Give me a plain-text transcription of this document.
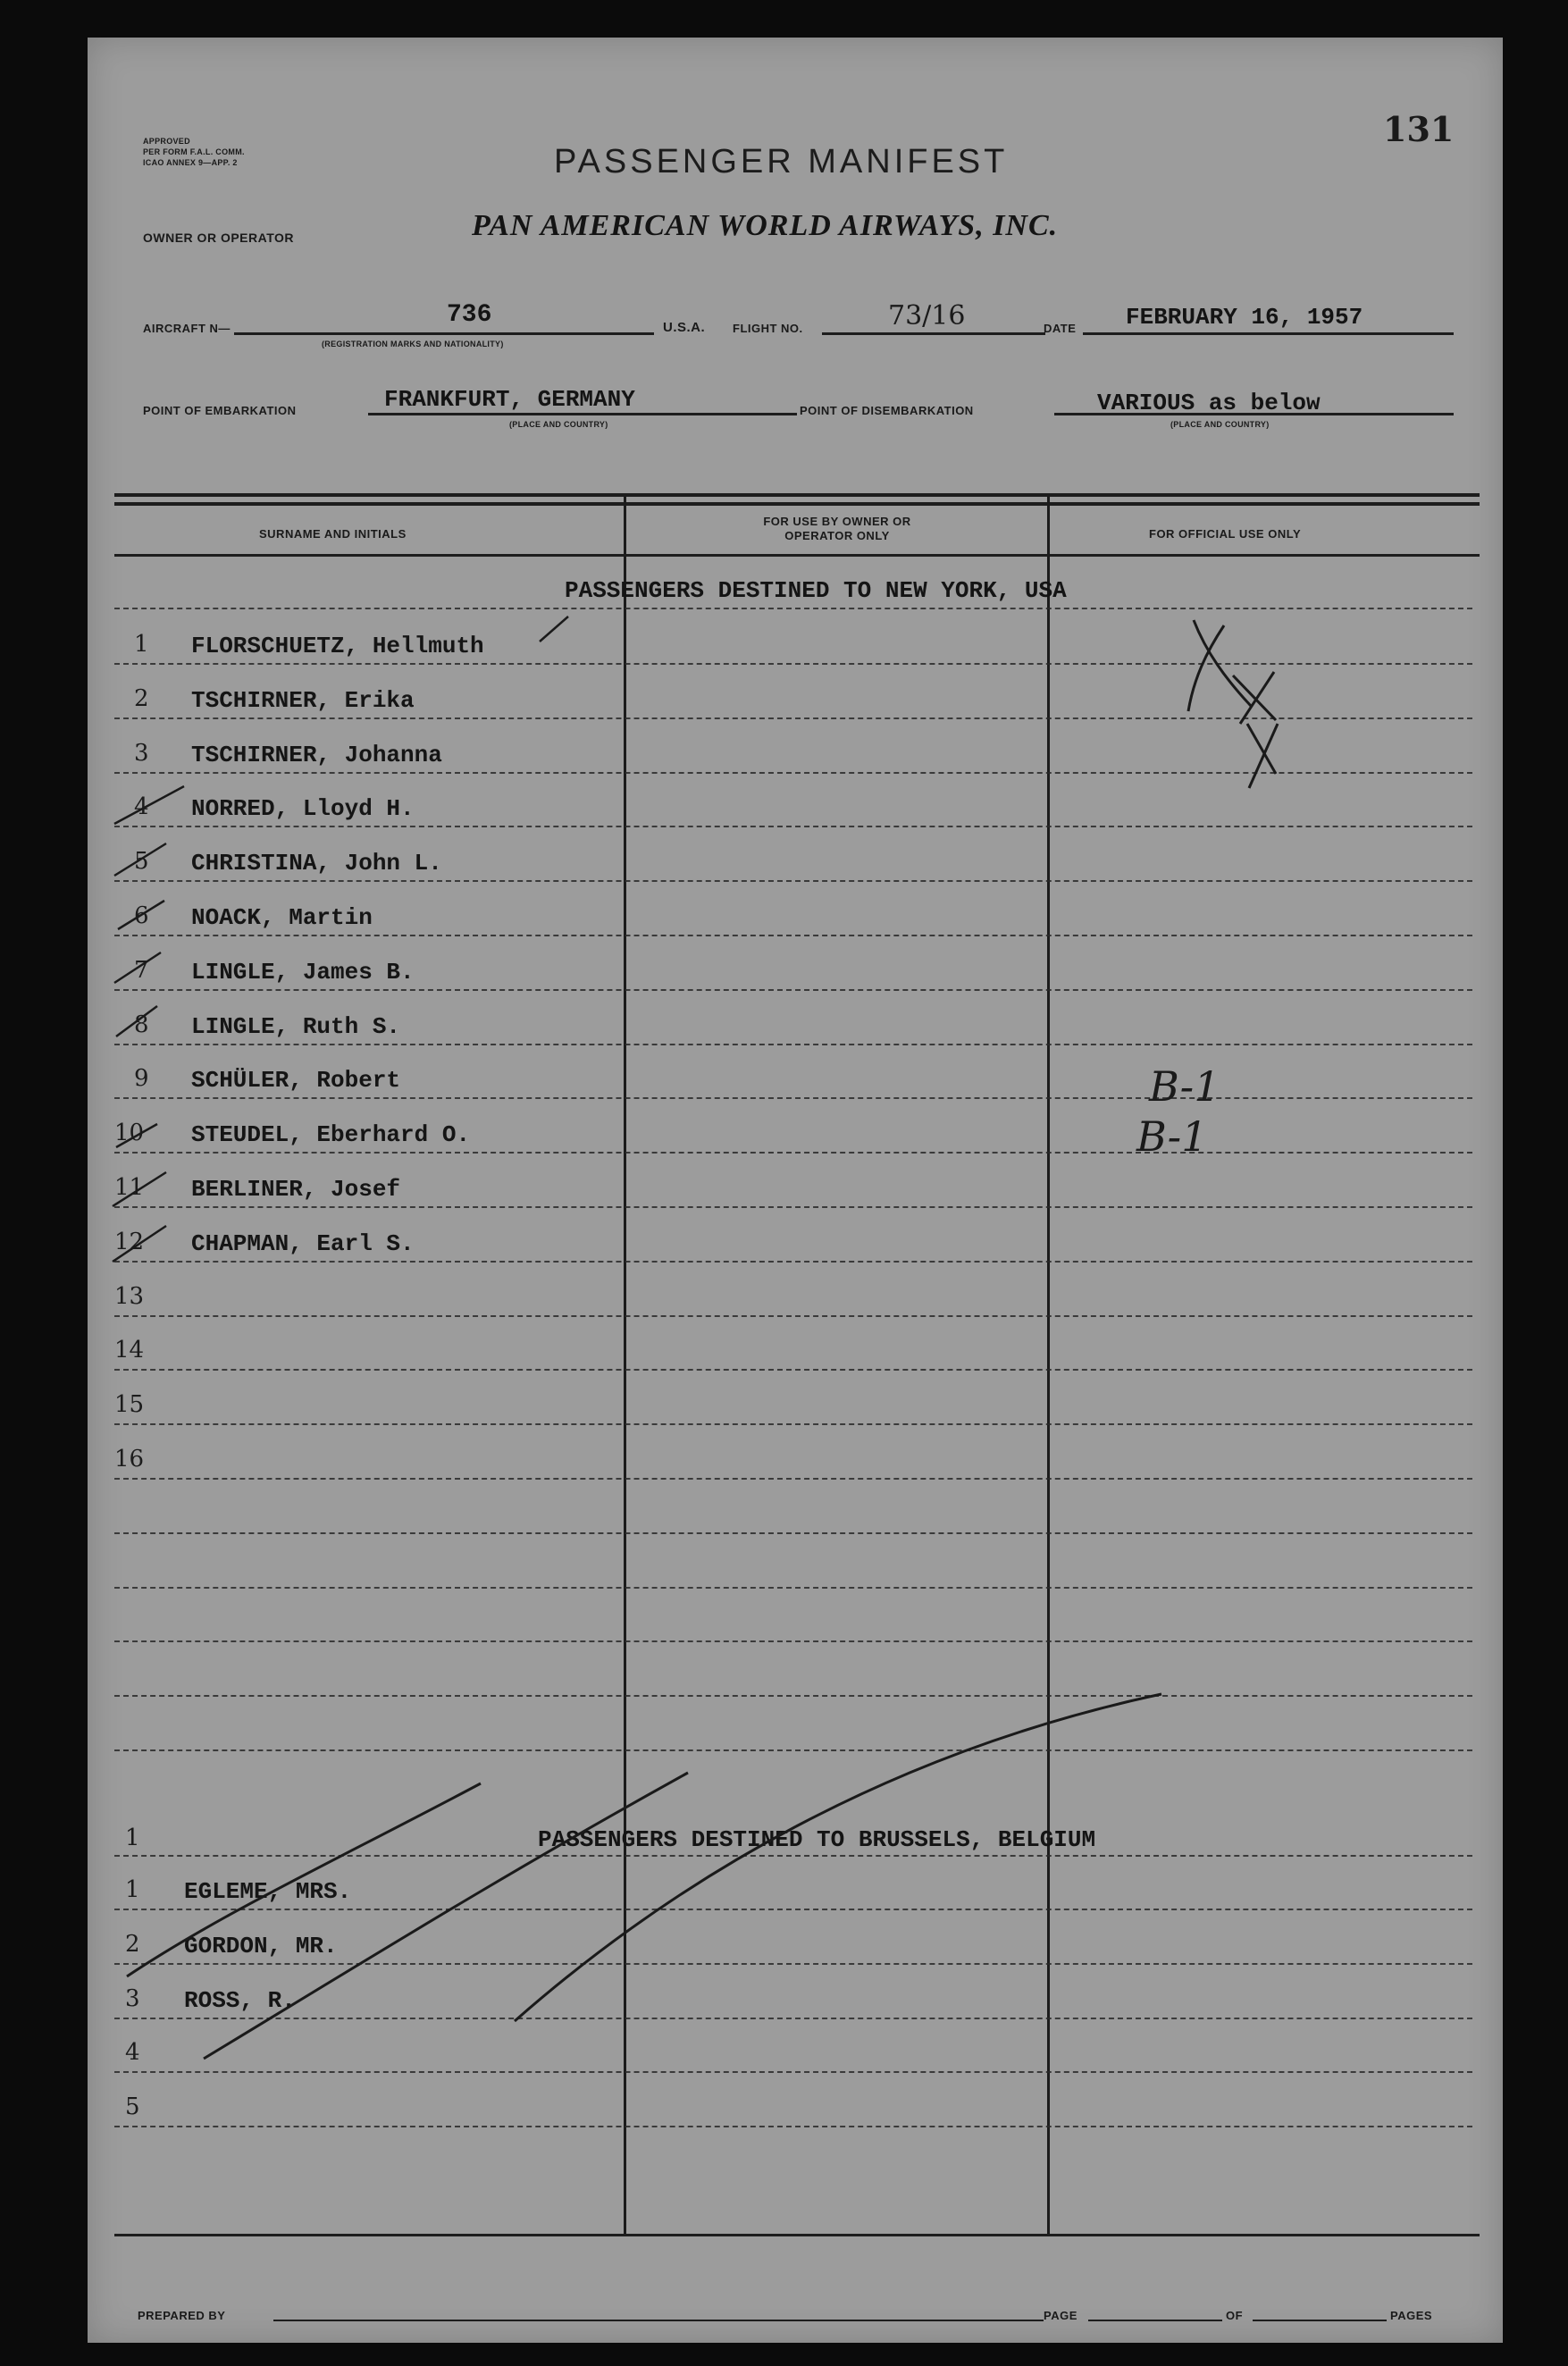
131
APPROVED
PER FORM F.A.L. COMM.
ICAO ANNEX 9—APP. 2	PASSENGER MANIFEST
OWNER OR OPERATOR	PAN AMERICAN WORLD AIRWAYS, INC.
AIRCRAFT N—	736
(REGISTRATION MARKS AND NATIONALITY)
U.S.A. FLIGHT NO.	73/16	DATE FEBRUARY 16, 1957
POINT OF EMBARKATION	FRANKFURT, GERMANY
(PLACE AND COUNTRY)
POINT OF DISEMBARKATION	VARIOUS as below
(PLACE AND COUNTRY)
SURNAME AND INITIALS
FOR USE BY OWNER OR OPERATOR ONLY	FOR OFFICIAL USE ONLY
PASSENGERS DESTINED TO NEW YORK, USA
1 FLORSCHUETZ, Hellmuth
2 TSCHIRNER, Erika
3 TSCHIRNER, Johanna
4 NORRED, Lloyd H.
5 CHRISTINA, John L.
6 NOACK, Martin
7 LINGLE, James B.
8 LINGLE, Ruth S.
9 SCHÜLER, Robert
10 STEUDEL, Eberhard O.
11 BERLINER, Josef
12 CHAPMAN, Earl S.
13
14
15
16
1	PASSENGERS DESTINED TO BRUSSELS, BELGIUM
1 EGLEME, MRS.
2 GORDON, MR.
3 ROSS, R.
4
5
PREPARED BY	PAGE	OF	PAGES
B-1
B-1
